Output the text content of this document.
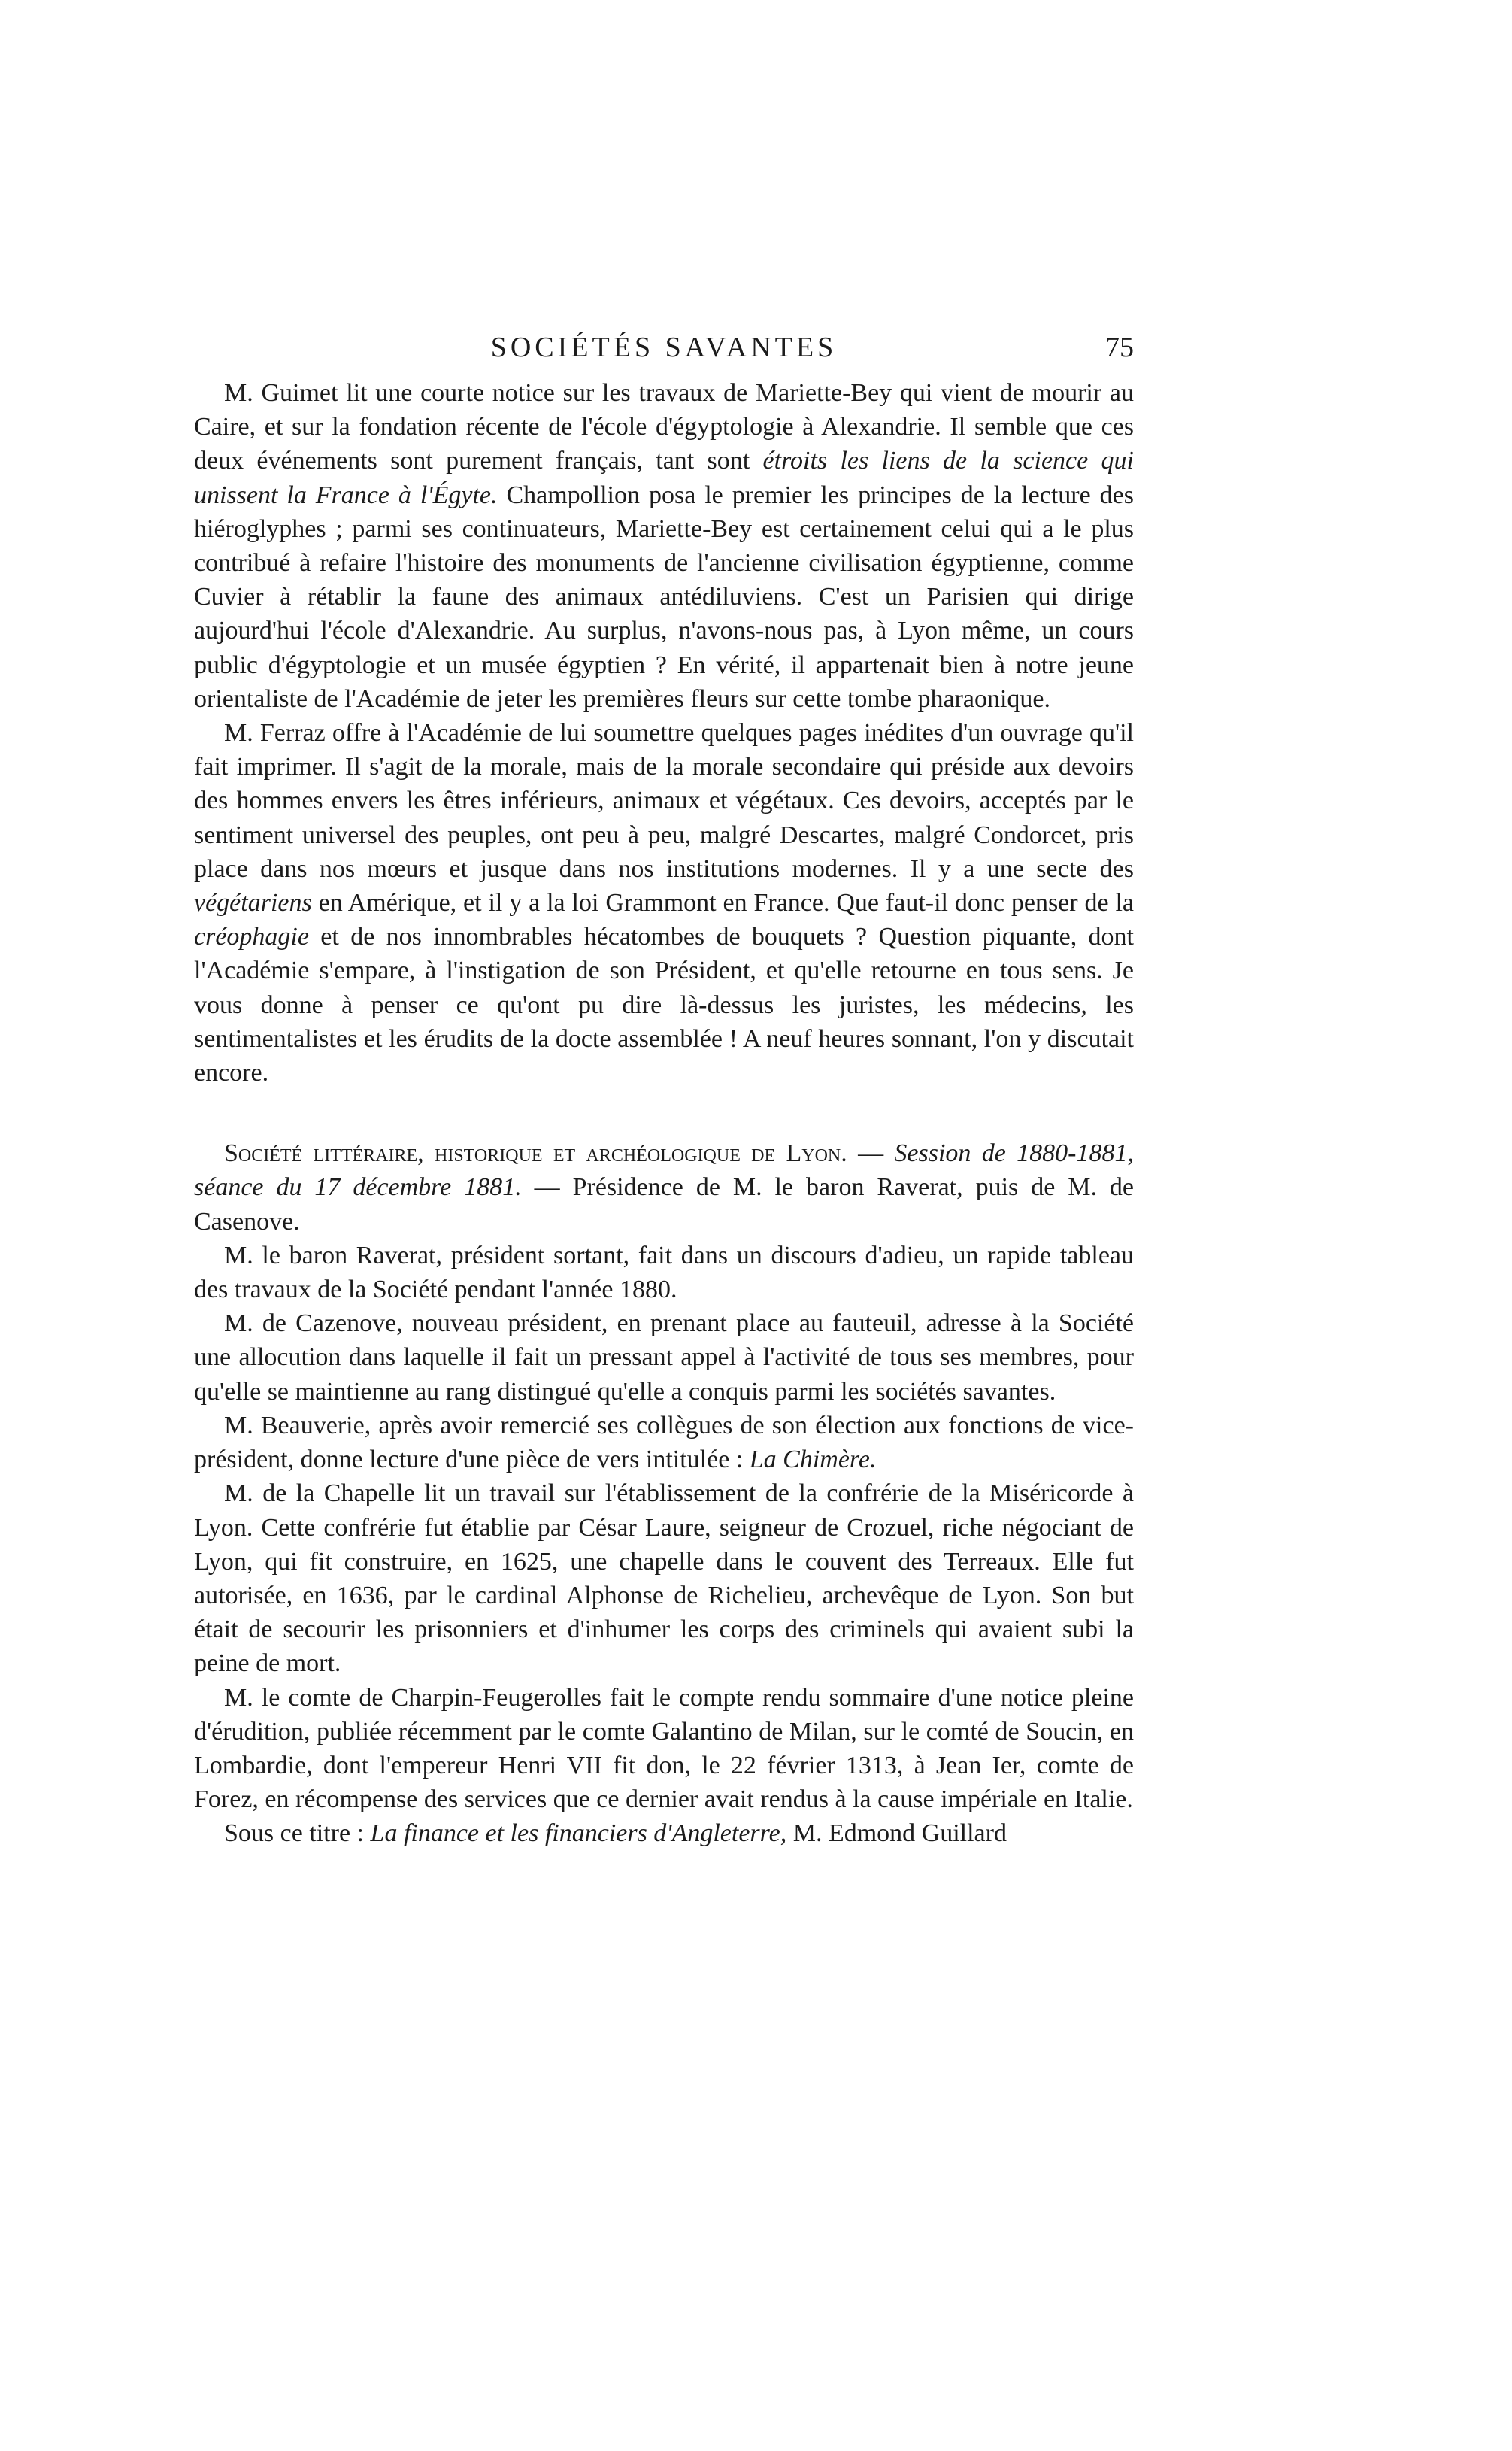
SOCIÉTÉS SAVANTES	75

M. Guimet lit une courte notice sur les travaux de Mariette-Bey qui vient de mourir au Caire, et sur la fondation récente de l'école d'égyptologie à Alexandrie. Il semble que ces deux événements sont purement français, tant sont étroits les liens de la science qui unissent la France à l'Égyte. Champollion posa le premier les principes de la lecture des hiéroglyphes ; parmi ses continuateurs, Mariette-Bey est certainement celui qui a le plus contribué à refaire l'histoire des monuments de l'ancienne civilisation égyptienne, comme Cuvier à rétablir la faune des animaux antédiluviens. C'est un Parisien qui dirige aujourd'hui l'école d'Alexandrie. Au surplus, n'avons-nous pas, à Lyon même, un cours public d'égyptologie et un musée égyptien ? En vérité, il appartenait bien à notre jeune orientaliste de l'Académie de jeter les premières fleurs sur cette tombe pharaonique.

M. Ferraz offre à l'Académie de lui soumettre quelques pages inédites d'un ouvrage qu'il fait imprimer. Il s'agit de la morale, mais de la morale secondaire qui préside aux devoirs des hommes envers les êtres inférieurs, animaux et végétaux. Ces devoirs, acceptés par le sentiment universel des peuples, ont peu à peu, malgré Descartes, malgré Condorcet, pris place dans nos mœurs et jusque dans nos institutions modernes. Il y a une secte des végétariens en Amérique, et il y a la loi Grammont en France. Que faut-il donc penser de la créophagie et de nos innombrables hécatombes de bouquets ? Question piquante, dont l'Académie s'empare, à l'instigation de son Président, et qu'elle retourne en tous sens. Je vous donne à penser ce qu'ont pu dire là-dessus les juristes, les médecins, les sentimentalistes et les érudits de la docte assemblée ! A neuf heures sonnant, l'on y discutait encore.

Société littéraire, historique et archéologique de Lyon. — Session de 1880-1881, séance du 17 décembre 1881. — Présidence de M. le baron Raverat, puis de M. de Casenove.

M. le baron Raverat, président sortant, fait dans un discours d'adieu, un rapide tableau des travaux de la Société pendant l'année 1880.

M. de Cazenove, nouveau président, en prenant place au fauteuil, adresse à la Société une allocution dans laquelle il fait un pressant appel à l'activité de tous ses membres, pour qu'elle se maintienne au rang distingué qu'elle a conquis parmi les sociétés savantes.

M. Beauverie, après avoir remercié ses collègues de son élection aux fonctions de vice-président, donne lecture d'une pièce de vers intitulée : La Chimère.

M. de la Chapelle lit un travail sur l'établissement de la confrérie de la Miséricorde à Lyon. Cette confrérie fut établie par César Laure, seigneur de Crozuel, riche négociant de Lyon, qui fit construire, en 1625, une chapelle dans le couvent des Terreaux. Elle fut autorisée, en 1636, par le cardinal Alphonse de Richelieu, archevêque de Lyon. Son but était de secourir les prisonniers et d'inhumer les corps des criminels qui avaient subi la peine de mort.

M. le comte de Charpin-Feugerolles fait le compte rendu sommaire d'une notice pleine d'érudition, publiée récemment par le comte Galantino de Milan, sur le comté de Soucin, en Lombardie, dont l'empereur Henri VII fit don, le 22 février 1313, à Jean Ier, comte de Forez, en récompense des services que ce dernier avait rendus à la cause impériale en Italie.

Sous ce titre : La finance et les financiers d'Angleterre, M. Edmond Guillard
